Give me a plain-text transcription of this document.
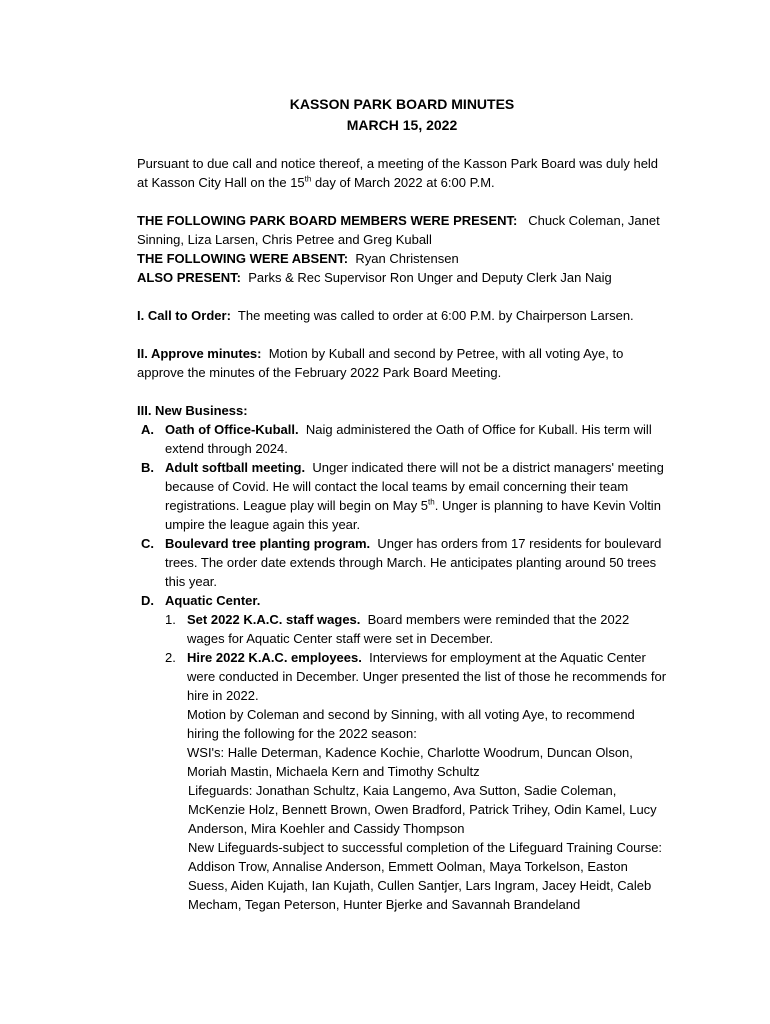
KASSON PARK BOARD MINUTES

MARCH 15, 2022

Pursuant to due call and notice thereof, a meeting of the Kasson Park Board was duly held at Kasson City Hall on the 15th day of March 2022 at 6:00 P.M.

THE FOLLOWING PARK BOARD MEMBERS WERE PRESENT: Chuck Coleman, Janet Sinning, Liza Larsen, Chris Petree and Greg Kuball

THE FOLLOWING WERE ABSENT: Ryan Christensen

ALSO PRESENT: Parks & Rec Supervisor Ron Unger and Deputy Clerk Jan Naig

I. Call to Order: The meeting was called to order at 6:00 P.M. by Chairperson Larsen.

II. Approve minutes: Motion by Kuball and second by Petree, with all voting Aye, to approve the minutes of the February 2022 Park Board Meeting.

III. New Business:

A. Oath of Office-Kuball. Naig administered the Oath of Office for Kuball. His term will extend through 2024.
B. Adult softball meeting. Unger indicated there will not be a district managers' meeting because of Covid. He will contact the local teams by email concerning their team registrations. League play will begin on May 5th. Unger is planning to have Kevin Voltin umpire the league again this year.
C. Boulevard tree planting program. Unger has orders from 17 residents for boulevard trees. The order date extends through March. He anticipates planting around 50 trees this year.
D. Aquatic Center.
1. Set 2022 K.A.C. staff wages. Board members were reminded that the 2022 wages for Aquatic Center staff were set in December.
2. Hire 2022 K.A.C. employees. Interviews for employment at the Aquatic Center were conducted in December. Unger presented the list of those he recommends for hire in 2022.

Motion by Coleman and second by Sinning, with all voting Aye, to recommend hiring the following for the 2022 season:

WSI's: Halle Determan, Kadence Kochie, Charlotte Woodrum, Duncan Olson, Moriah Mastin, Michaela Kern and Timothy Schultz

Lifeguards: Jonathan Schultz, Kaia Langemo, Ava Sutton, Sadie Coleman, McKenzie Holz, Bennett Brown, Owen Bradford, Patrick Trihey, Odin Kamel, Lucy Anderson, Mira Koehler and Cassidy Thompson

New Lifeguards-subject to successful completion of the Lifeguard Training Course: Addison Trow, Annalise Anderson, Emmett Oolman, Maya Torkelson, Easton Suess, Aiden Kujath, Ian Kujath, Cullen Santjer, Lars Ingram, Jacey Heidt, Caleb Mecham, Tegan Peterson, Hunter Bjerke and Savannah Brandeland
